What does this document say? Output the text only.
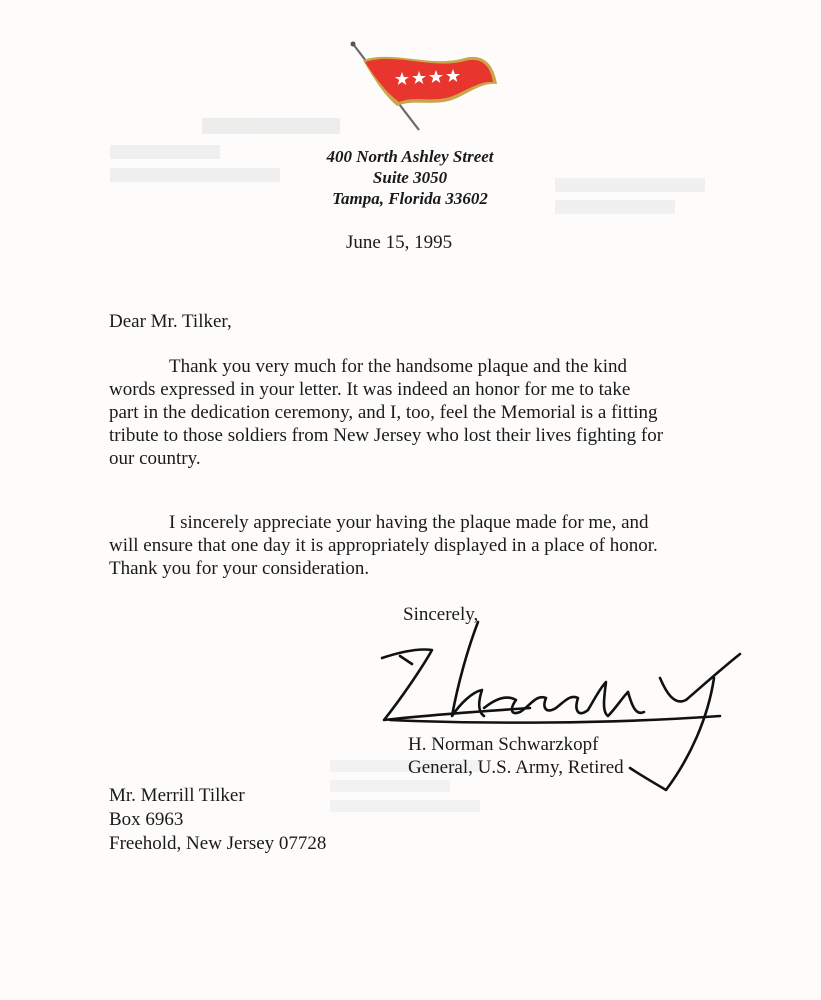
400 North Ashley Street
Suite 3050
Tampa, Florida 33602
June 15, 1995
Dear Mr. Tilker,
Thank you very much for the handsome plaque and the kind
words expressed in your letter. It was indeed an honor for me to take
part in the dedication ceremony, and I, too, feel the Memorial is a fitting
tribute to those soldiers from New Jersey who lost their lives fighting for
our country.
I sincerely appreciate your having the plaque made for me, and
will ensure that one day it is appropriately displayed in a place of honor.
Thank you for your consideration.
Sincerely,
H. Norman Schwarzkopf
General, U.S. Army, Retired
Mr. Merrill Tilker
Box 6963
Freehold, New Jersey 07728
